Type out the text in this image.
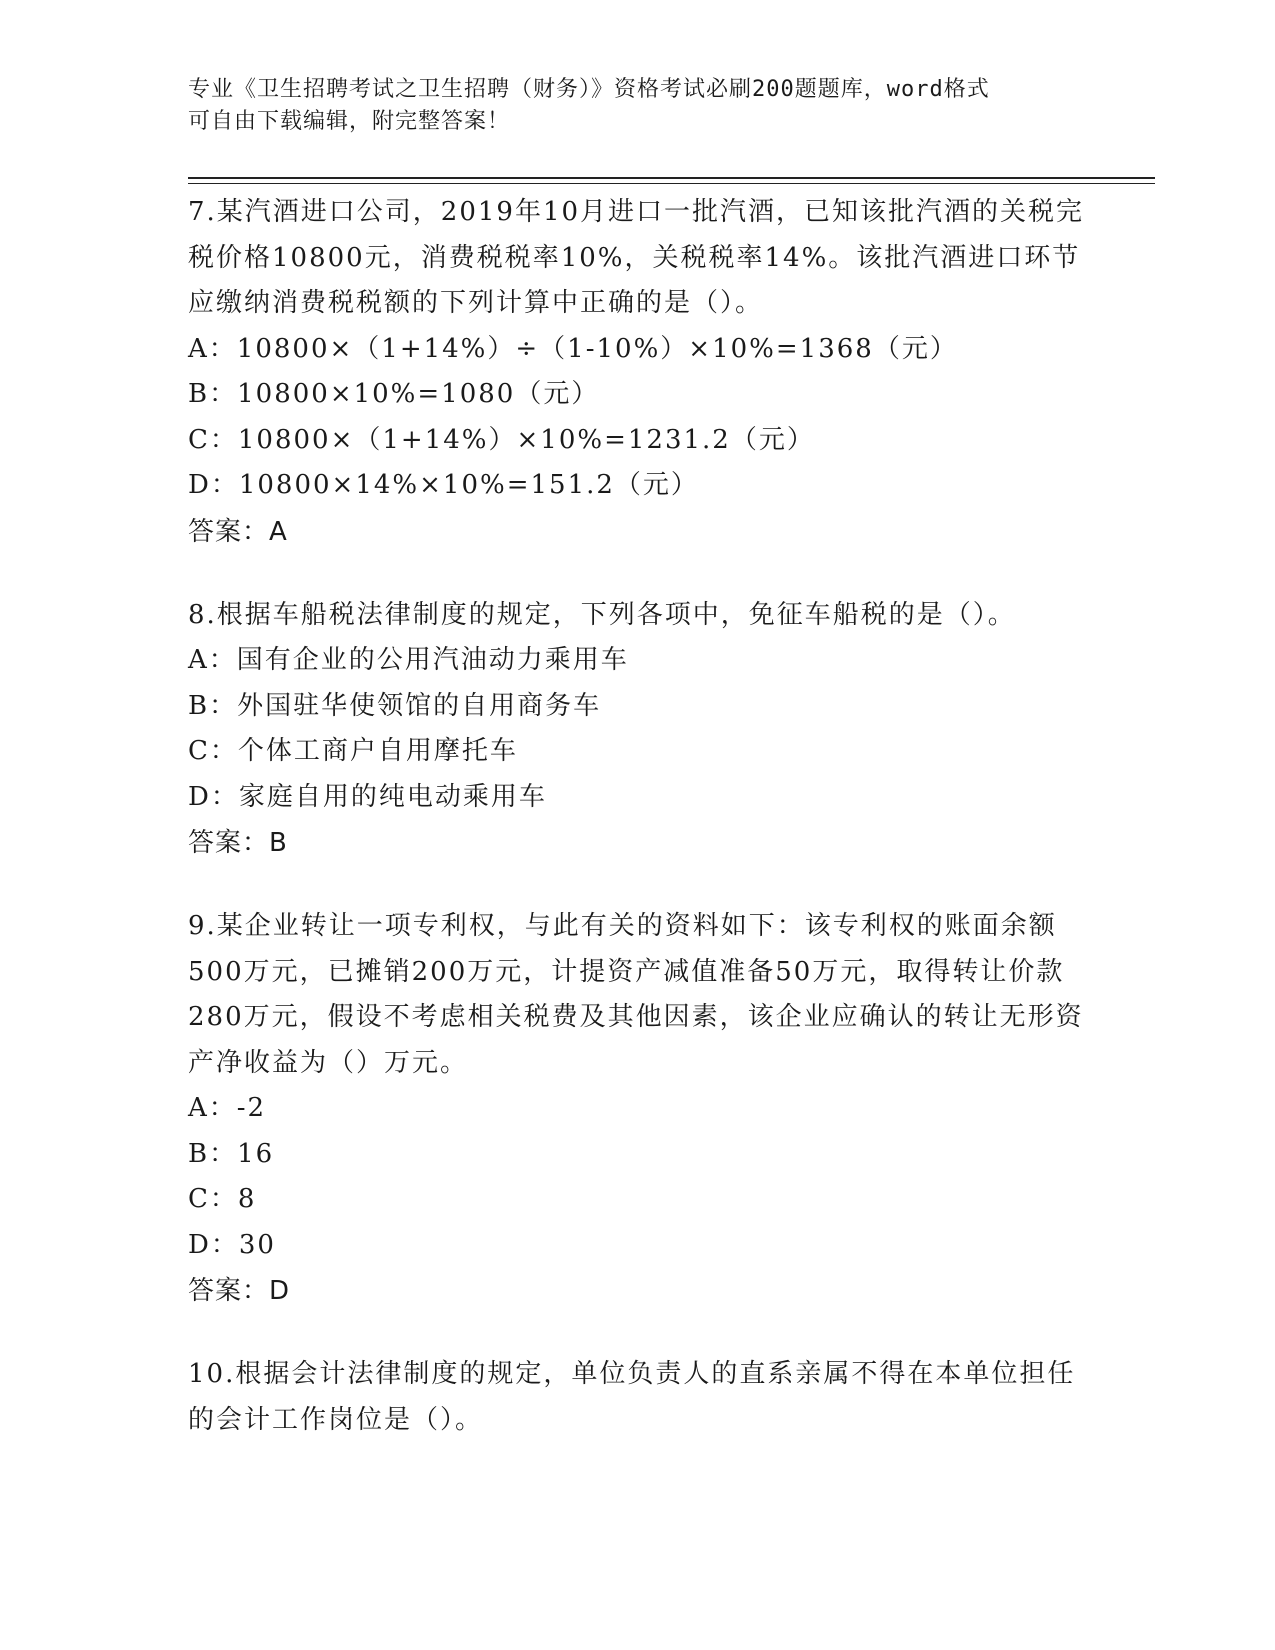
专业《卫生招聘考试之卫生招聘（财务）》资格考试必刷200题题库，word格式
可自由下载编辑，附完整答案！
7.某汽酒进口公司，2019年10月进口一批汽酒，已知该批汽酒的关税完税价格10800元，消费税税率10%，关税税率14%。该批汽酒进口环节应缴纳消费税税额的下列计算中正确的是（）。
A：10800×（1+14%）÷（1-10%）×10%=1368（元）
B：10800×10%=1080（元）
C：10800×（1+14%）×10%=1231.2（元）
D：10800×14%×10%=151.2（元）
答案：A
8.根据车船税法律制度的规定，下列各项中，免征车船税的是（）。
A：国有企业的公用汽油动力乘用车
B：外国驻华使领馆的自用商务车
C：个体工商户自用摩托车
D：家庭自用的纯电动乘用车
答案：B
9.某企业转让一项专利权，与此有关的资料如下：该专利权的账面余额500万元，已摊销200万元，计提资产减值准备50万元，取得转让价款280万元，假设不考虑相关税费及其他因素，该企业应确认的转让无形资产净收益为（）万元。
A：-2
B：16
C：8
D：30
答案：D
10.根据会计法律制度的规定，单位负责人的直系亲属不得在本单位担任的会计工作岗位是（）。
